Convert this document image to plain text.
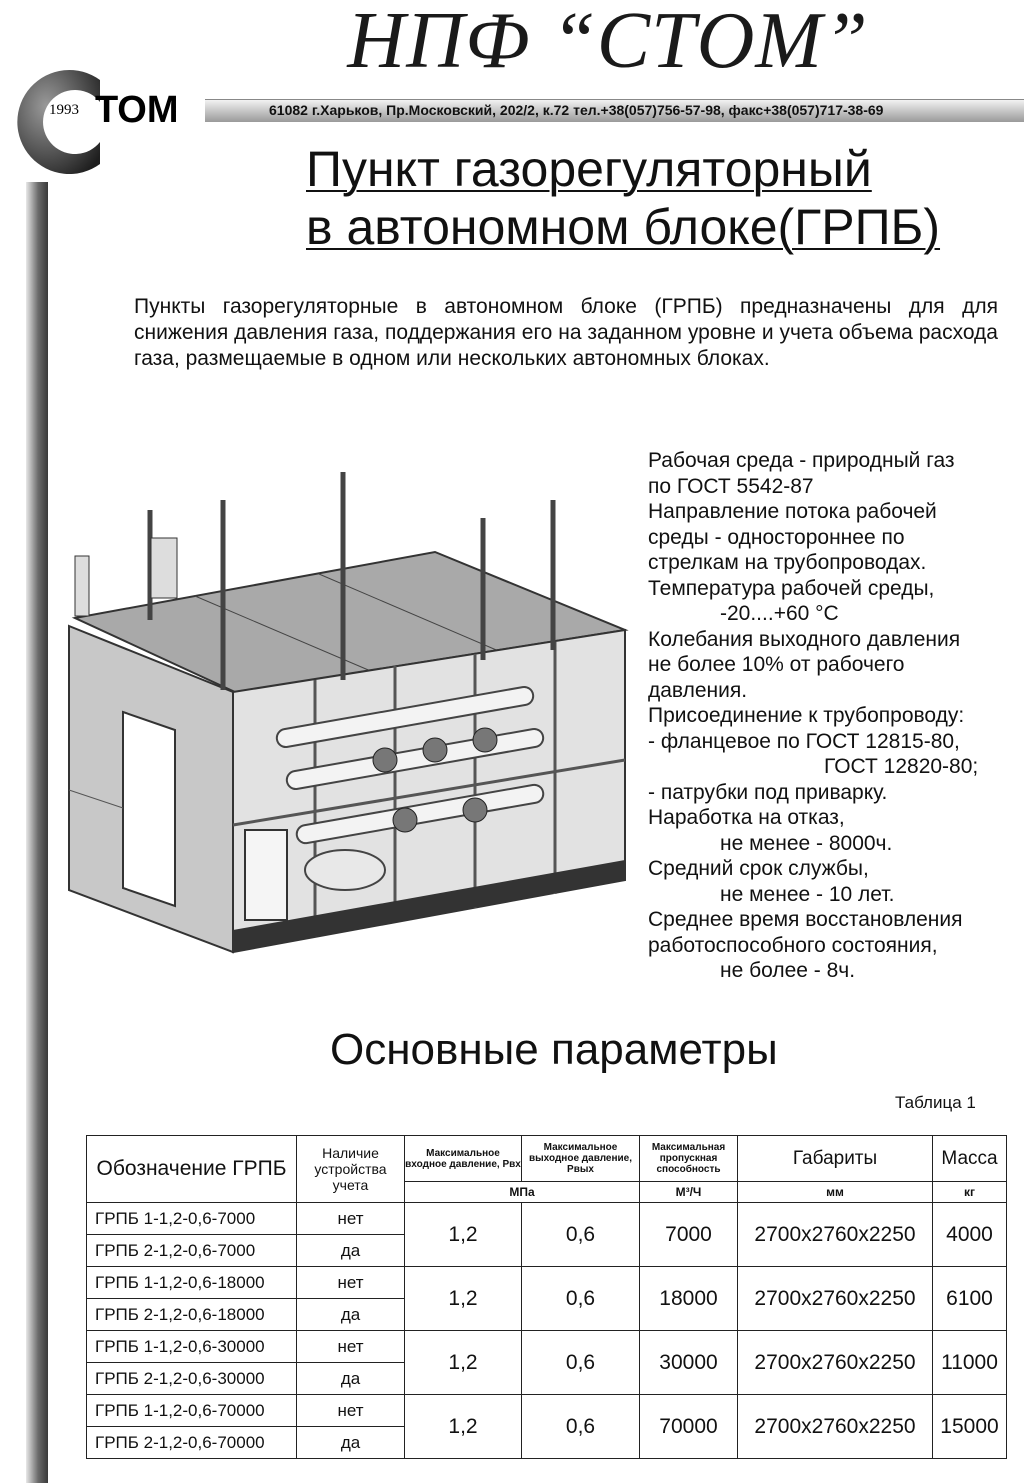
НПФ “СТОМ”
1993 ТОМ	61082 г.Харьков, Пр.Московский, 202/2, к.72 тел.+38(057)756-57-98, факс+38(057)717-38-69
Пункт газорегуляторный
в автономном блоке(ГРПБ)
Пункты газорегуляторные в автономном блоке (ГРПБ) предназначены для для снижения давления газа, поддержания его на заданном уровне и учета объема расхода газа, размещаемые в одном или нескольких автономных блоках.
Рабочая среда - природный газ
по ГОСТ 5542-87
Направление потока рабочей
среды - одностороннее по
стрелкам на трубопроводах.
Температура рабочей среды,
-20....+60 °С
Колебания выходного давления
не более 10% от рабочего
давления.
Присоединение к трубопроводу:
- фланцевое по ГОСТ 12815-80,
ГОСТ 12820-80;
- патрубки под приварку.
Наработка на отказ,
не менее - 8000ч.
Средний срок службы,
не менее - 10 лет.
Среднее время восстановления
работоспособного состояния,
не более - 8ч.
Основные параметры
Таблица 1
Обозначение ГРПБ	Наличие устройства учета	Максимальное входное давление, Рвх	Максимальное выходное давление, Рвых	Максимальная пропускная способность	Габариты	Масса
		МПа		М³/Ч	мм	кг
ГРПБ 1-1,2-0,6-7000	нет	1,2	0,6	7000	2700х2760х2250	4000
ГРПБ 2-1,2-0,6-7000	да					
ГРПБ 1-1,2-0,6-18000	нет	1,2	0,6	18000	2700х2760х2250	6100
ГРПБ 2-1,2-0,6-18000	да					
ГРПБ 1-1,2-0,6-30000	нет	1,2	0,6	30000	2700х2760х2250	11000
ГРПБ 2-1,2-0,6-30000	да					
ГРПБ 1-1,2-0,6-70000	нет	1,2	0,6	70000	2700х2760х2250	15000
ГРПБ 2-1,2-0,6-70000	да					
